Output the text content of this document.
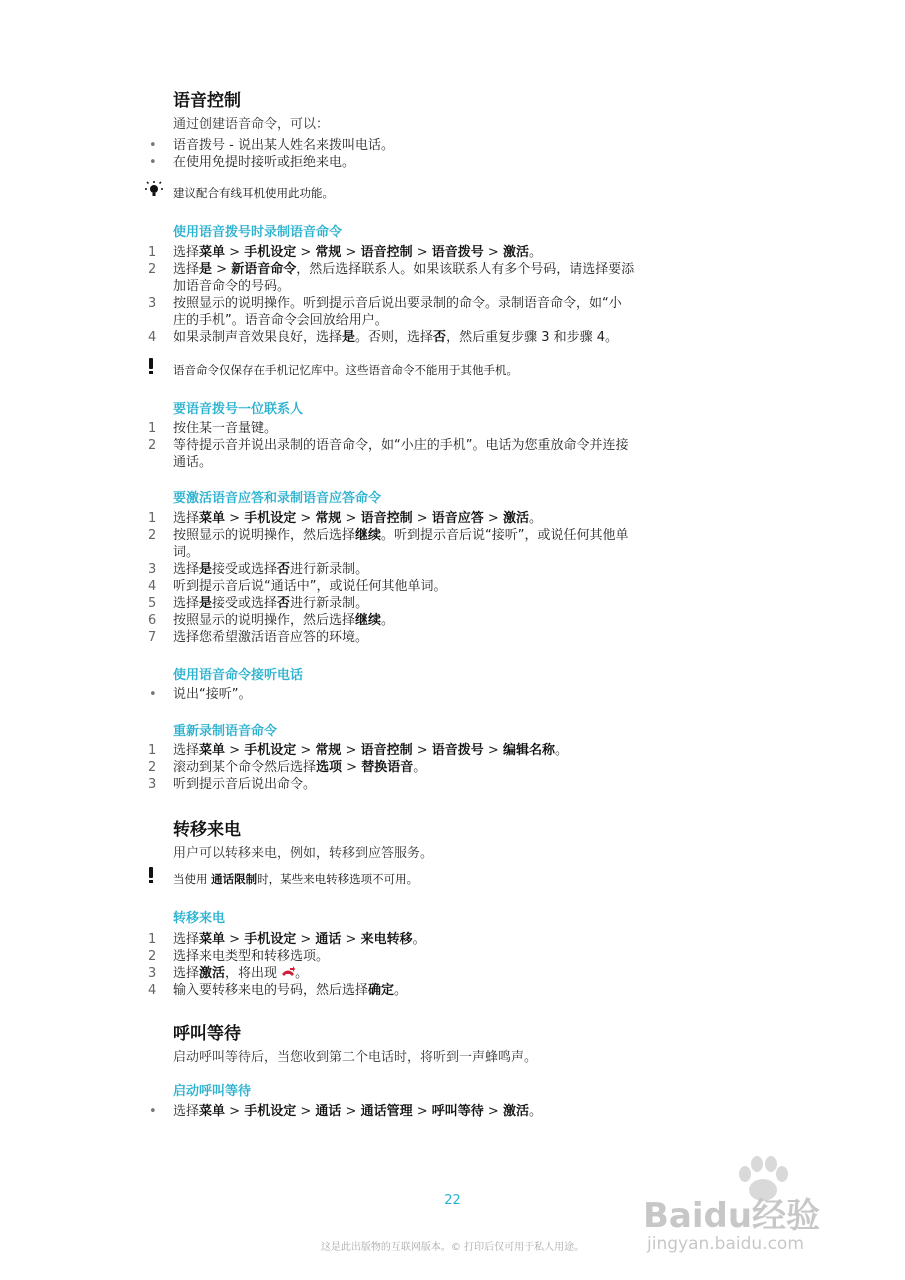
语音控制
通过创建语音命令，可以：
• 语音拨号 - 说出某人姓名来拨叫电话。
• 在使用免提时接听或拒绝来电。
建议配合有线耳机使用此功能。
使用语音拨号时录制语音命令
1 选择菜单 > 手机设定 > 常规 > 语音控制 > 语音拨号 > 激活。
2 选择是 > 新语音命令，然后选择联系人。如果该联系人有多个号码，请选择要添
加语音命令的号码。
3 按照显示的说明操作。听到提示音后说出要录制的命令。录制语音命令，如“小
庄的手机”。语音命令会回放给用户。
4 如果录制声音效果良好，选择是。否则，选择否，然后重复步骤 3 和步骤 4。
语音命令仅保存在手机记忆库中。这些语音命令不能用于其他手机。
要语音拨号一位联系人
1 按住某一音量键。
2 等待提示音并说出录制的语音命令，如“小庄的手机”。电话为您重放命令并连接
通话。
要激活语音应答和录制语音应答命令
1 选择菜单 > 手机设定 > 常规 > 语音控制 > 语音应答 > 激活。
2 按照显示的说明操作，然后选择继续。听到提示音后说“接听”，或说任何其他单
词。
3 选择是接受或选择否进行新录制。
4 听到提示音后说“通话中”，或说任何其他单词。
5 选择是接受或选择否进行新录制。
6 按照显示的说明操作，然后选择继续。
7 选择您希望激活语音应答的环境。
使用语音命令接听电话
• 说出“接听”。
重新录制语音命令
1 选择菜单 > 手机设定 > 常规 > 语音控制 > 语音拨号 > 编辑名称。
2 滚动到某个命令然后选择选项 > 替换语音。
3 听到提示音后说出命令。
转移来电
用户可以转移来电，例如，转移到应答服务。
当使用 通话限制时，某些来电转移选项不可用。
转移来电
1 选择菜单 > 手机设定 > 通话 > 来电转移。
2 选择来电类型和转移选项。
3 选择激活，将出现 。
4 输入要转移来电的号码，然后选择确定。
呼叫等待
启动呼叫等待后，当您收到第二个电话时，将听到一声蜂鸣声。
启动呼叫等待
• 选择菜单 > 手机设定 > 通话 > 通话管理 > 呼叫等待 > 激活。
22
这是此出版物的互联网版本。© 打印后仅可用于私人用途。
Baidu经验
jingyan.baidu.com
